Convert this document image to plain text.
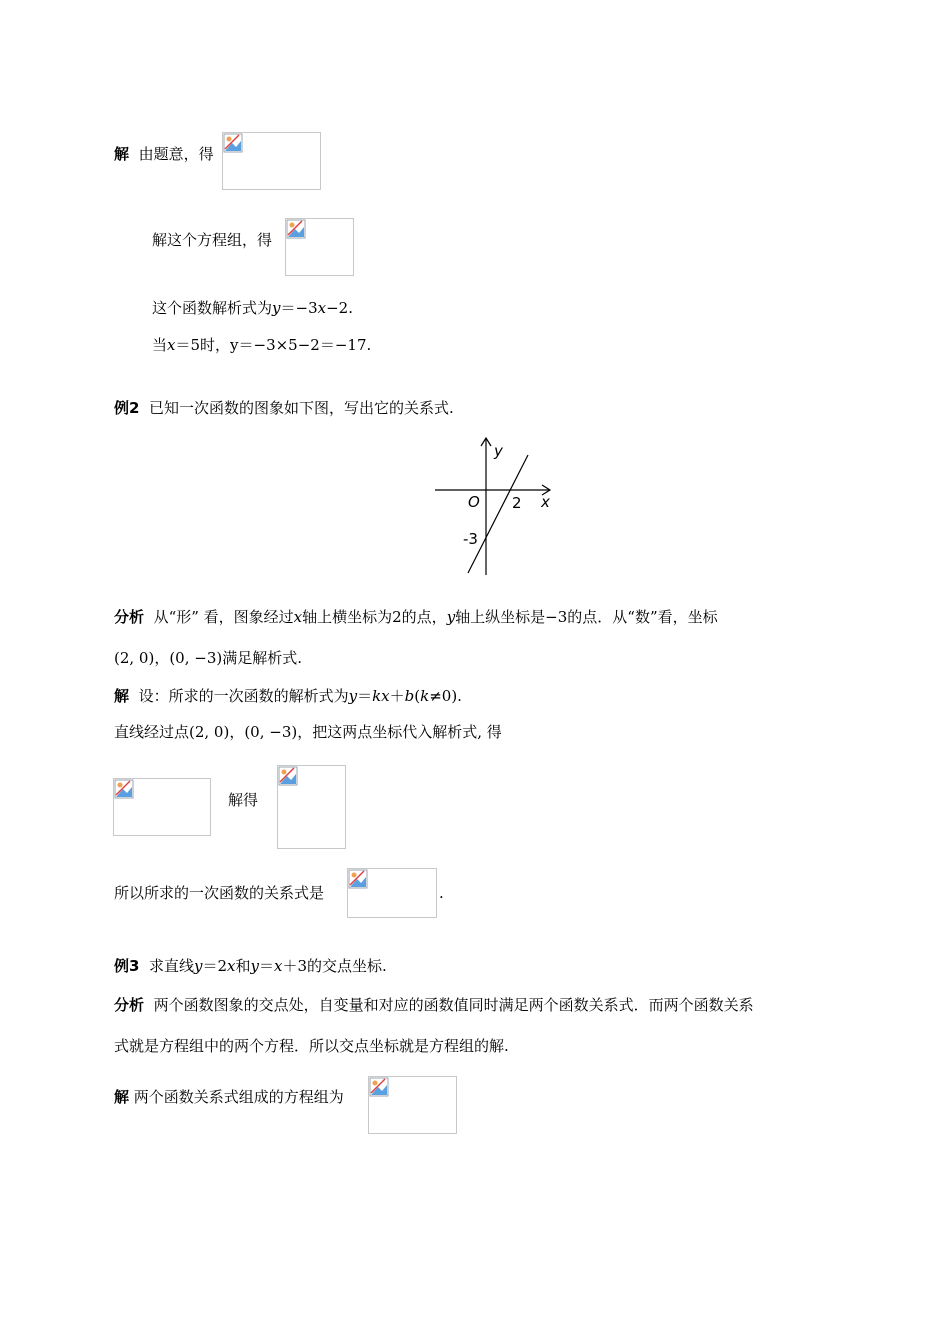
解 由题意，得
解这个方程组，得
这个函数解析式为y＝−3x−2.
当x＝5时，y＝−3×5−2＝−17.
例2 已知一次函数的图象如下图，写出它的关系式.
y
x
O 2
-3
分析 从“形” 看，图象经过x轴上横坐标为2的点，y轴上纵坐标是−3的点．从“数”看，坐标
(2, 0)，(0, −3)满足解析式.
解 设：所求的一次函数的解析式为y＝kx＋b(k≠0).
直线经过点(2, 0)，(0, −3)，把这两点坐标代入解析式, 得
解得
所以所求的一次函数的关系式是	.
例3 求直线y＝2x和y＝x＋3的交点坐标.
分析 两个函数图象的交点处，自变量和对应的函数值同时满足两个函数关系式．而两个函数关系
式就是方程组中的两个方程．所以交点坐标就是方程组的解.
解 两个函数关系式组成的方程组为
